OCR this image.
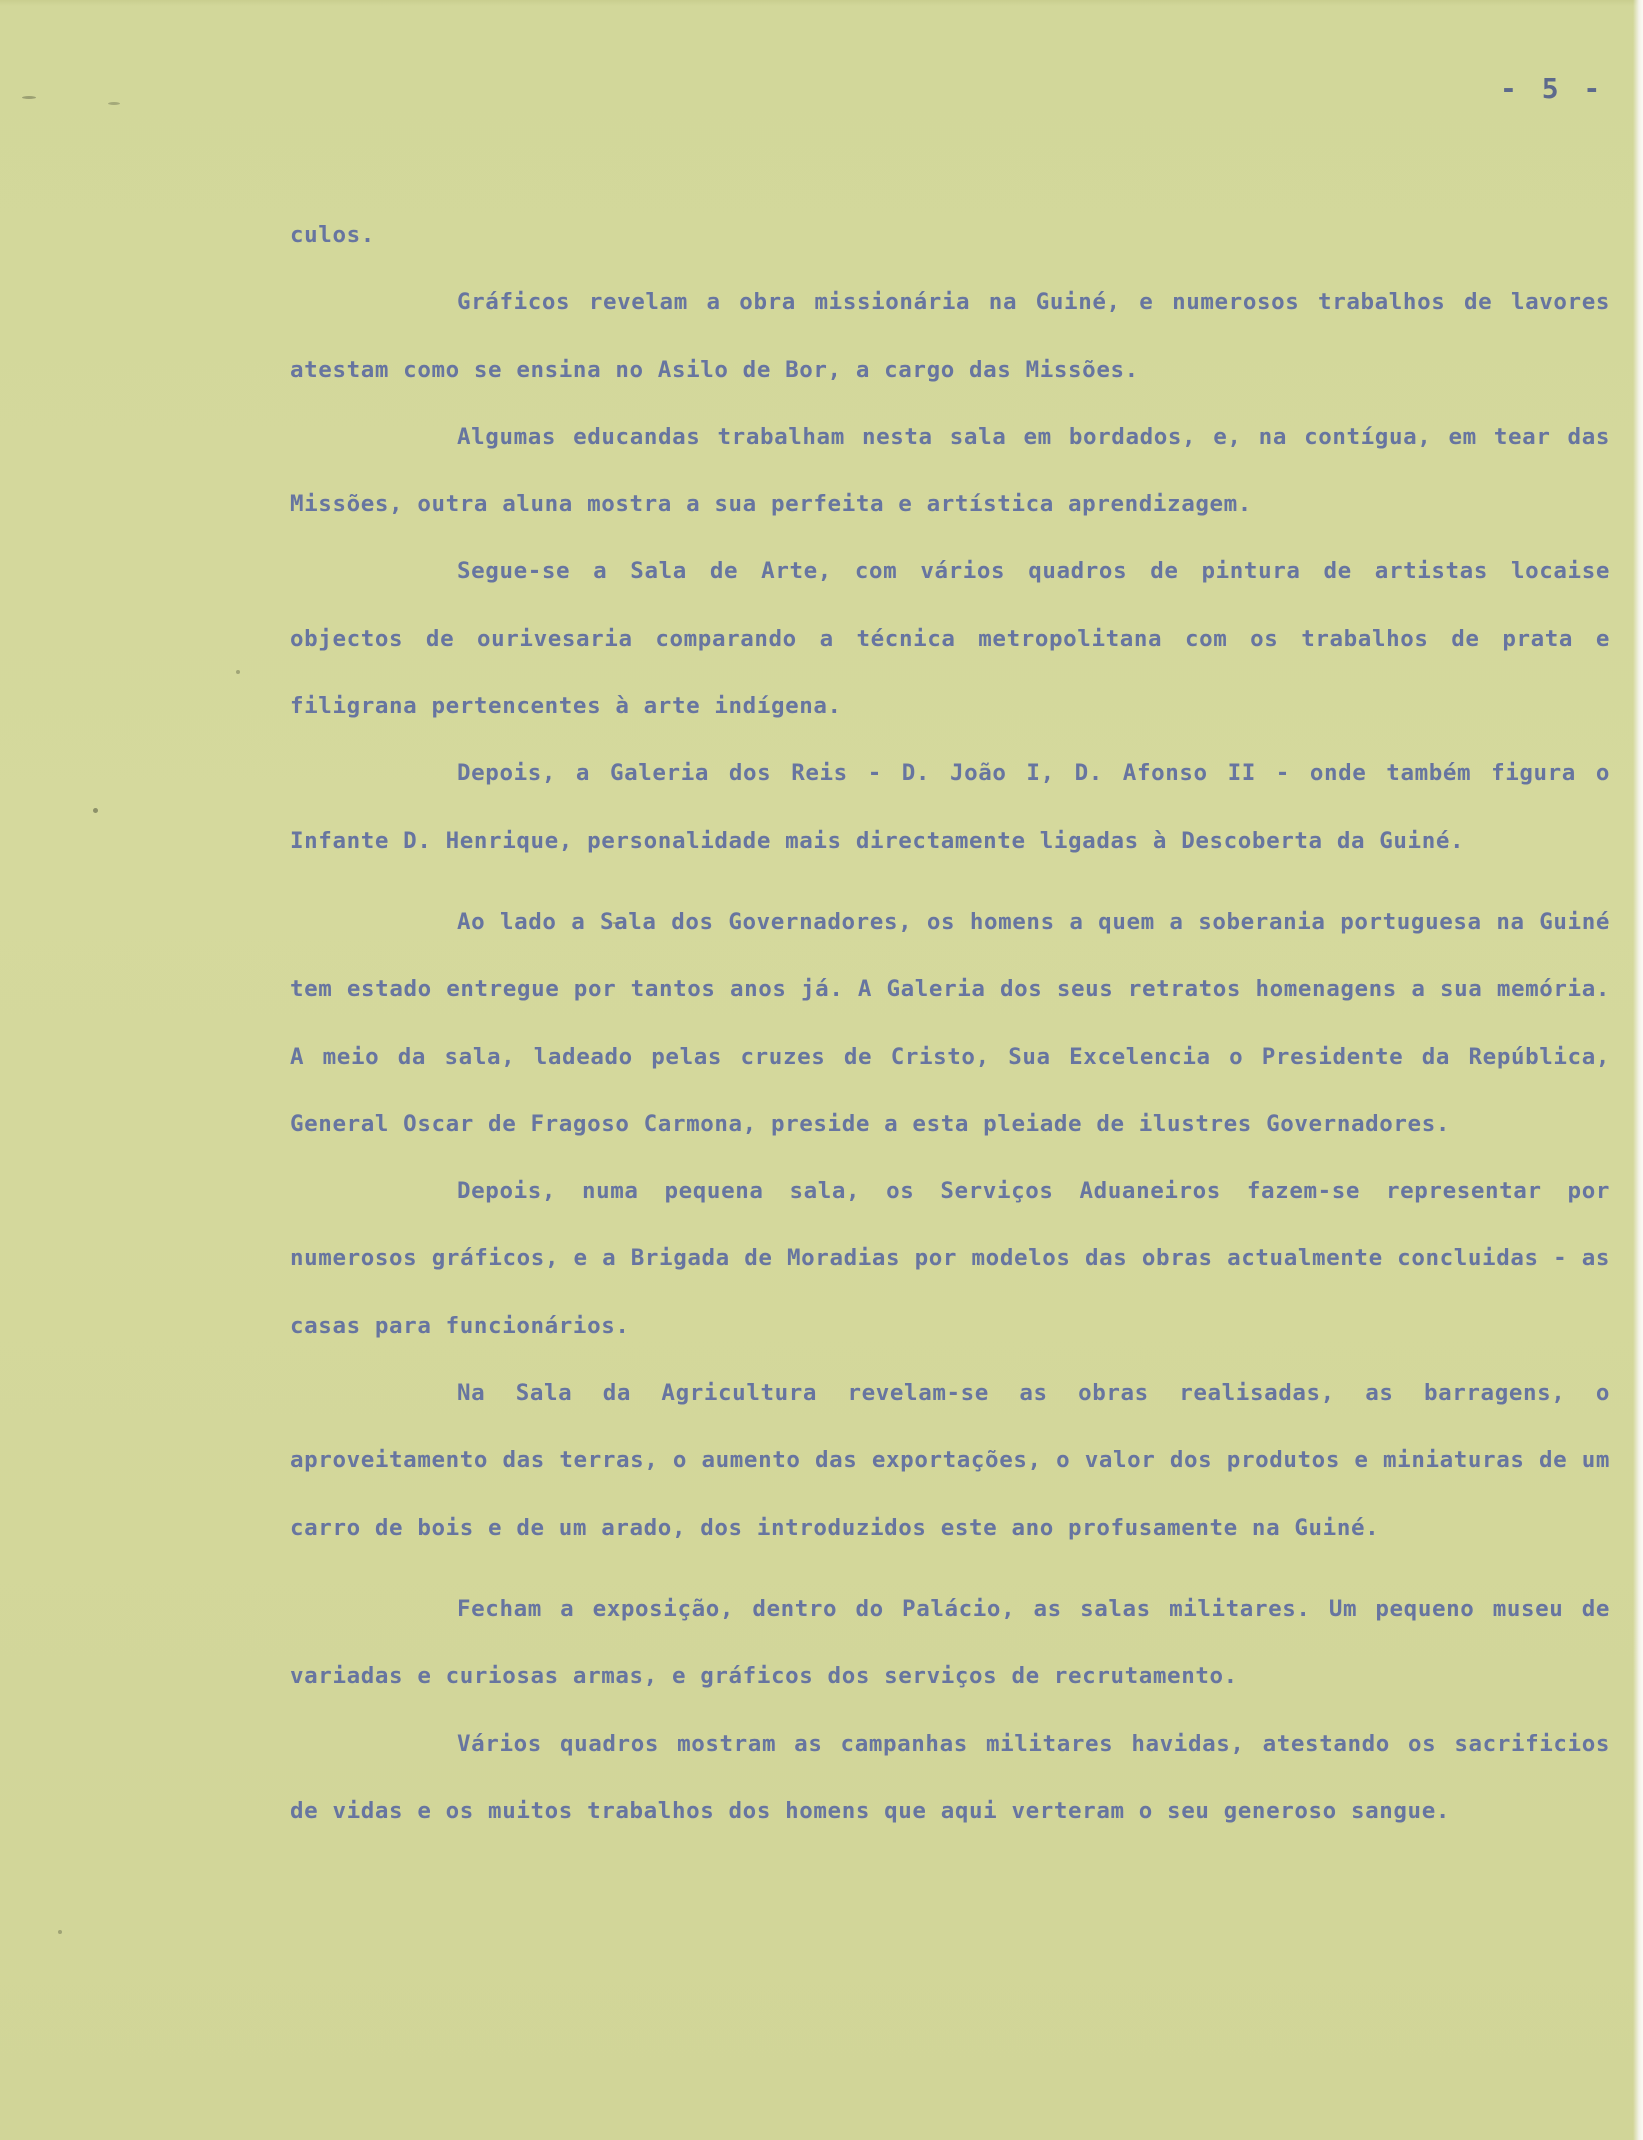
- 5 -

culos.

Gráficos revelam a obra missionária na Guiné, e numerosos trabalhos de lavores atestam como se ensina no Asilo de Bor, a cargo das Missões.

Algumas educandas trabalham nesta sala em bordados, e, na contígua, em tear das Missões, outra aluna mostra a sua perfeita e artística aprendizagem.

Segue-se a Sala de Arte, com vários quadros de pintura de artistas locaise objectos de ourivesaria comparando a técnica metropolitana com os trabalhos de prata e filigrana pertencentes à arte indígena.

Depois, a Galeria dos Reis - D. João I, D. Afonso II - onde também figura o Infante D. Henrique, personalidade mais directamente ligadas à Descoberta da Guiné.

Ao lado a Sala dos Governadores, os homens a quem a soberania portuguesa na Guiné tem estado entregue por tantos anos já. A Galeria dos seus retratos homenagens a sua memória. A meio da sala, ladeado pelas cruzes de Cristo, Sua Excelencia o Presidente da República, General Oscar de Fragoso Carmona, preside a esta pleiade de ilustres Governadores.

Depois, numa pequena sala, os Serviços Aduaneiros fazem-se representar por numerosos gráficos, e a Brigada de Moradias por modelos das obras actualmente concluidas - as casas para funcionários.

Na Sala da Agricultura revelam-se as obras realisadas, as barragens, o aproveitamento das terras, o aumento das exportações, o valor dos produtos e miniaturas de um carro de bois e de um arado, dos introduzidos este ano profusamente na Guiné.

Fecham a exposição, dentro do Palácio, as salas militares. Um pequeno museu de variadas e curiosas armas, e gráficos dos serviços de recrutamento.

Vários quadros mostram as campanhas militares havidas, atestando os sacrificios de vidas e os muitos trabalhos dos homens que aqui verteram o seu generoso sangue.
